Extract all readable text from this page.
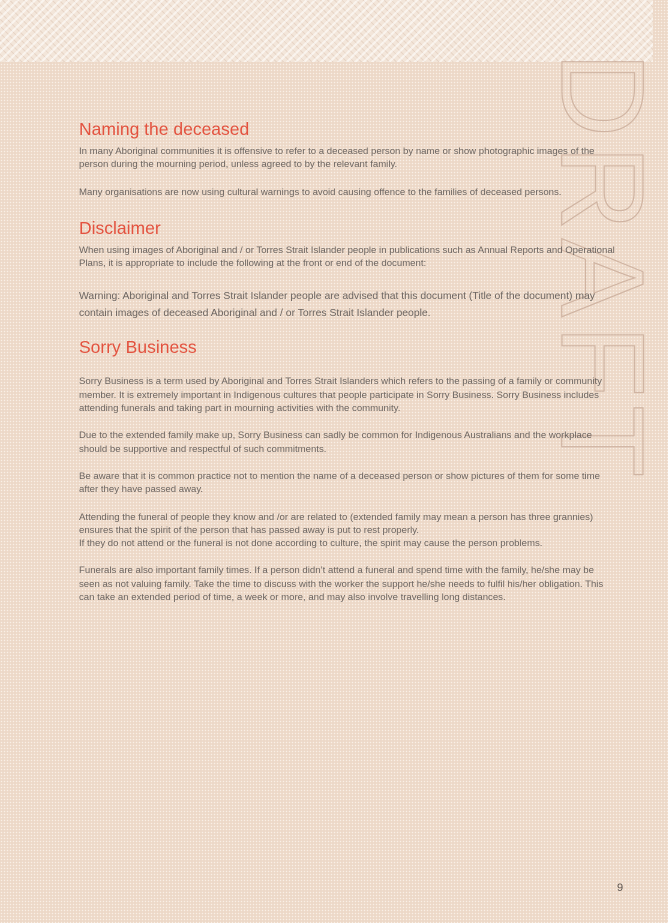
DRAFT
Naming the deceased

In many Aboriginal communities it is offensive to refer to a deceased person by name or show photographic images of the person during the mourning period, unless agreed to by the relevant family.

Many organisations are now using cultural warnings to avoid causing offence to the families of deceased persons.

Disclaimer

When using images of Aboriginal and / or Torres Strait Islander people in publications such as Annual Reports and Operational Plans, it is appropriate to include the following at the front or end of the document:

Warning: Aboriginal and Torres Strait Islander people are advised that this document (Title of the document) may contain images of deceased Aboriginal and / or Torres Strait Islander people.

Sorry Business

Sorry Business is a term used by Aboriginal and Torres Strait Islanders which refers to the passing of a family or community member. It is extremely important in Indigenous cultures that people participate in Sorry Business. Sorry Business includes attending funerals and taking part in mourning activities with the community.

Due to the extended family make up, Sorry Business can sadly be common for Indigenous Australians and the workplace should be supportive and respectful of such commitments.

Be aware that it is common practice not to mention the name of a deceased person or show pictures of them for some time after they have passed away.

Attending the funeral of people they know and /or are related to (extended family may mean a person has three grannies) ensures that the spirit of the person that has passed away is put to rest properly.

If they do not attend or the funeral is not done according to culture, the spirit may cause the person problems.

Funerals are also important family times. If a person didn’t attend a funeral and spend time with the family, he/she may be seen as not valuing family. Take the time to discuss with the worker the support he/she needs to fulfil his/her obligation. This can take an extended period of time, a week or more, and may also involve travelling long distances.

9
